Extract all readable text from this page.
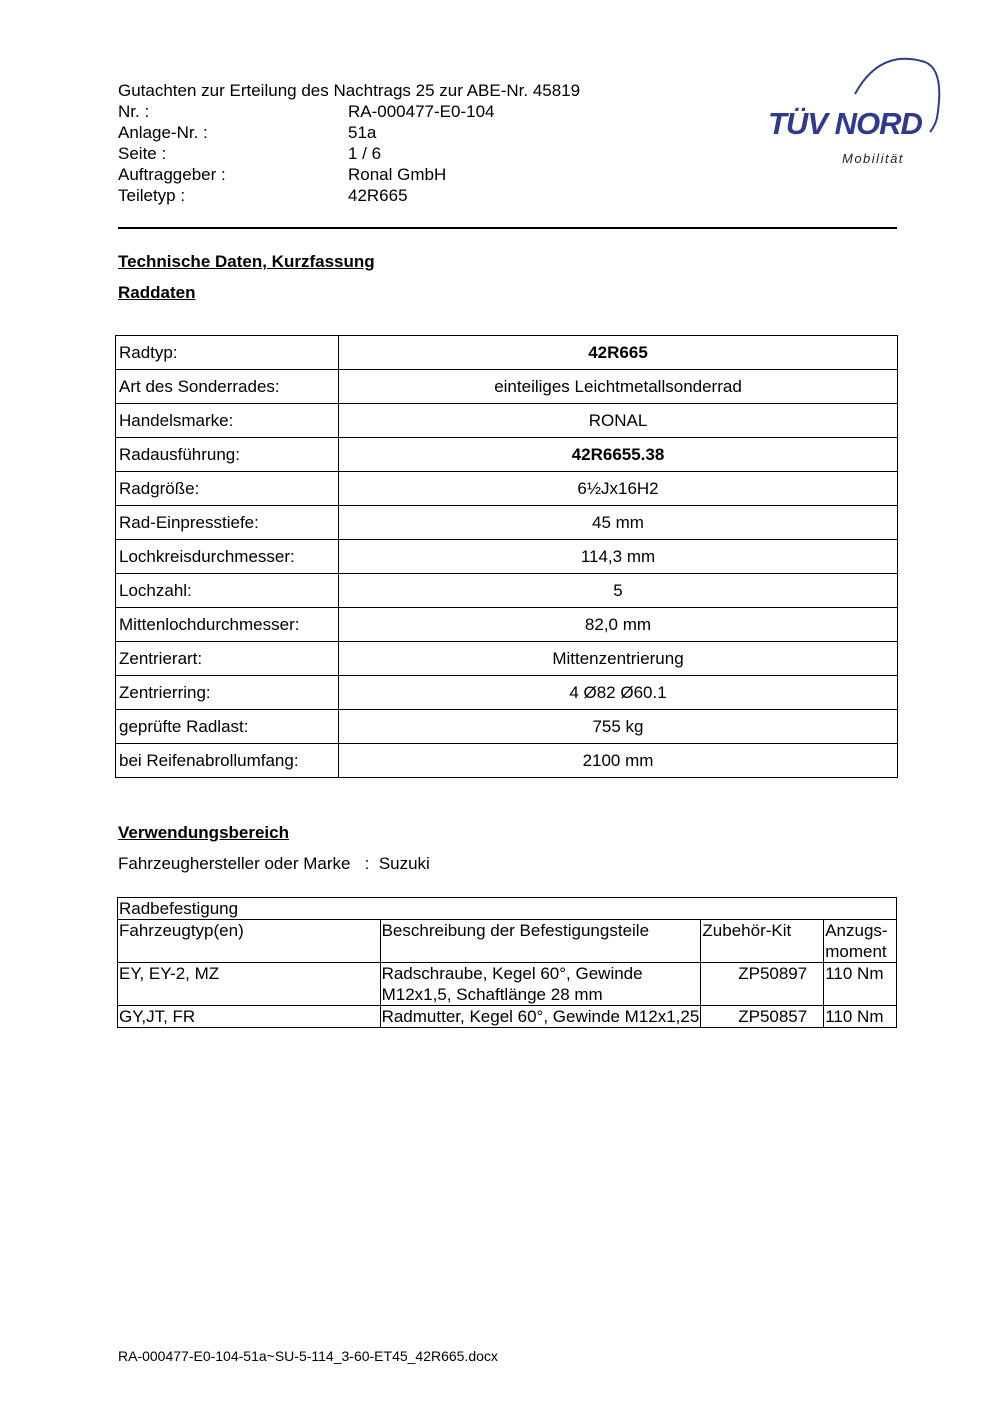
Gutachten zur Erteilung des Nachtrags 25 zur ABE-Nr. 45819
Nr. :	RA-000477-E0-104
Anlage-Nr. :	51a
Seite :	1 / 6
Auftraggeber :	Ronal GmbH
Teiletyp :	42R665
TÜV NORD
Mobilität
Technische Daten, Kurzfassung
Raddaten
Radtyp:	42R665
Art des Sonderrades:	einteiliges Leichtmetallsonderrad
Handelsmarke:	RONAL
Radausführung:	42R6655.38
Radgröße:	6½Jx16H2
Rad-Einpresstiefe:	45 mm
Lochkreisdurchmesser:	114,3 mm
Lochzahl:	5
Mittenlochdurchmesser:	82,0 mm
Zentrierart:	Mittenzentrierung
Zentrierring:	4 Ø82 Ø60.1
geprüfte Radlast:	755 kg
bei Reifenabrollumfang:	2100 mm
Verwendungsbereich
Fahrzeughersteller oder Marke : Suzuki
Radbefestigung			
Fahrzeugtyp(en)	Beschreibung der Befestigungsteile	Zubehör-Kit	Anzugs-
moment
EY, EY-2, MZ	Radschraube, Kegel 60°, Gewinde M12x1,5, Schaftlänge 28 mm	ZP50897	110 Nm
GY,JT, FR	Radmutter, Kegel 60°, Gewinde M12x1,25	ZP50857	110 Nm
RA-000477-E0-104-51a~SU-5-114_3-60-ET45_42R665.docx
